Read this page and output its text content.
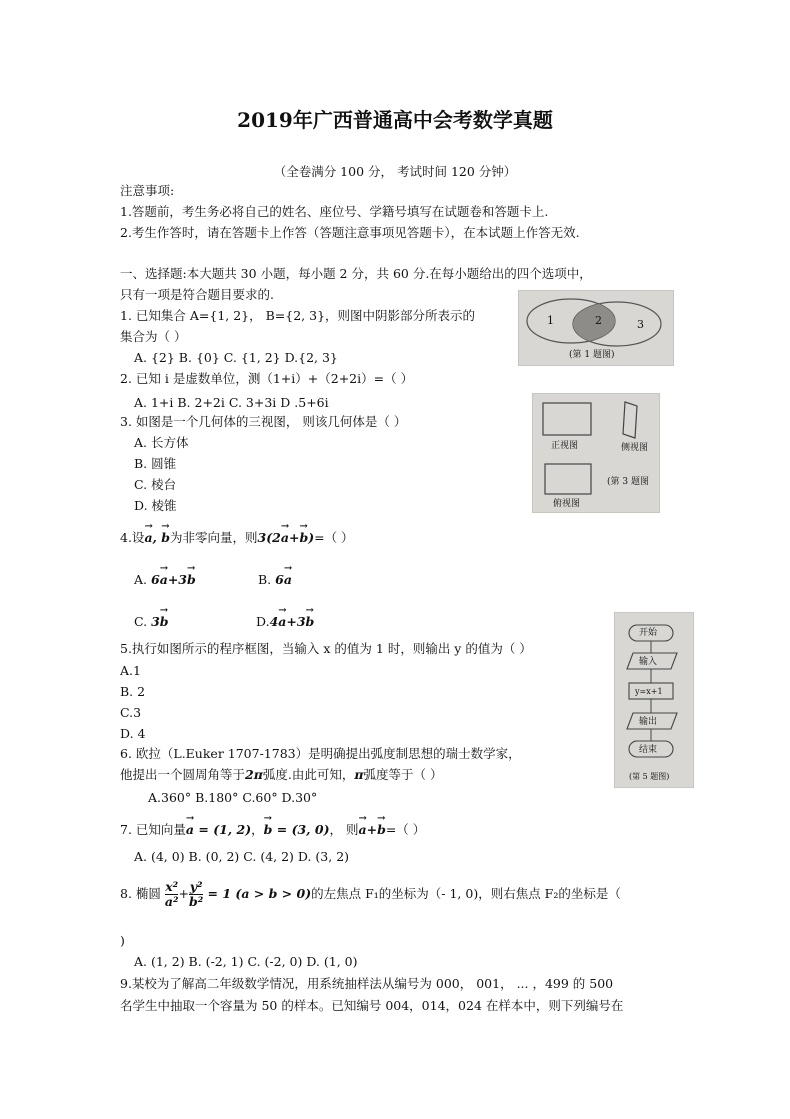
2019年广西普通高中会考数学真题
（全卷满分 100 分， 考试时间 120 分钟）
注意事项:
1.答题前，考生务必将自己的姓名、座位号、学籍号填写在试题卷和答题卡上.
2.考生作答时，请在答题卡上作答（答题注意事项见答题卡），在本试题上作答无效.
一、选择题:本大题共 30 小题，每小题 2 分，共 60 分.在每小题给出的四个选项中，
只有一项是符合题目要求的.
1. 已知集合 A={1, 2}， B={2, 3}，则图中阴影部分所表示的
集合为（ ）
A. {2} B. {0} C. {1, 2} D.{2, 3}
1	2	3
(第 1 题图)
2. 已知 i 是虚数单位，测（1+i）+（2+2i）=（ ）
A. 1+i B. 2+2i C. 3+3i D .5+6i
3. 如图是一个几何体的三视图， 则该几何体是（ ）
A. 长方体
B. 圆锥
C. 棱台
D. 棱锥
正视图	侧视图
俯视图
(第 3 题图
4.设→ a, → b为非零向量，则3(2→ a+→ b)=（ ）
A. 6→ a+3→ b	B. 6→ a
C. 3→ b	D.4→ a+3→ b
5.执行如图所示的程序框图，当输入 x 的值为 1 时，则输出 y 的值为（ ）
A.1
B. 2
C.3
D. 4
开始
输入
y=x+1
输出
结束
(第 5 题图)
6. 欧拉（L.Euker 1707-1783）是明确提出弧度制思想的瑞士数学家，
他提出一个圆周角等于2π弧度.由此可知，π弧度等于（ ）
A.360° B.180° C.60° D.30°
7. 已知向量→ a = (1, 2)，→ b = (3, 0)， 则→ a+→ b=（ ）
A. (4, 0) B. (0, 2) C. (4, 2) D. (3, 2)
8. 椭圆 $\frac{\text{x²}}{\text{a²}} + \frac{\text{y²}}{\text{b²}} = 1$ (a > b > 0)的左焦点 F₁的坐标为（- 1, 0)，则右焦点 F₂的坐标是（
)
A. (1, 2) B. (-2, 1) C. (-2, 0) D. (1, 0)
9.某校为了解高二年级数学情况，用系统抽样法从编号为 000， 001， ... ，499 的 500
名学生中抽取一个容量为 50 的样本。已知编号 004，014，024 在样本中，则下列编号在
